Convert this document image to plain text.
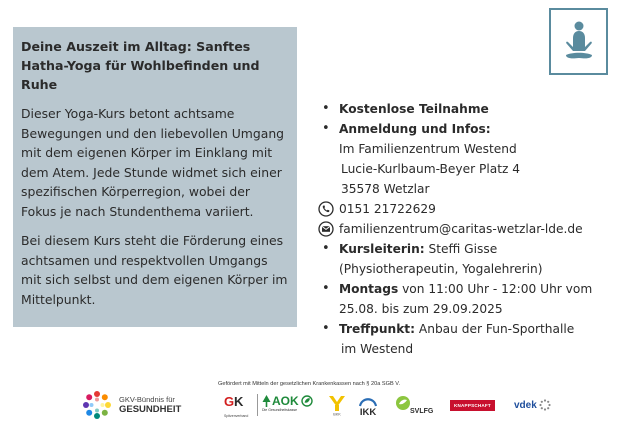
Deine Auszeit im Alltag: Sanftes Hatha-Yoga für Wohlbefinden und Ruhe
Dieser Yoga-Kurs betont achtsame Bewegungen und den liebevollen Umgang mit dem eigenen Körper im Einklang mit dem Atem. Jede Stunde widmet sich einer spezifischen Körperregion, wobei der Fokus je nach Stundenthema variiert.
Bei diesem Kurs steht die Förderung eines achtsamen und respektvollen Umgangs mit sich selbst und dem eigenen Körper im Mittelpunkt.
• Kostenlose Teilnahme
• Anmeldung und Infos:
Im Familienzentrum Westend
Lucie-Kurlbaum-Beyer Platz 4
35578 Wetzlar
0151 21722629
familienzentrum@caritas-wetzlar-lde.de
• Kursleiterin: Steffi Gisse
(Physiotherapeutin, Yogalehrerin)
• Montags von 11:00 Uhr - 12:00 Uhr vom
25.08. bis zum 29.09.2025
• Treffpunkt: Anbau der Fun-Sporthalle
im Westend
Gefördert mit Mitteln der gesetzlichen Krankenkassen nach § 20a SGB V.
GKV-Bündnis für
GESUNDHEIT
G K
Spitzenverband
AOK
Die Gesundheitskasse
BKK IKK	SVLFG
KNAPPSCHAFT	vdek
